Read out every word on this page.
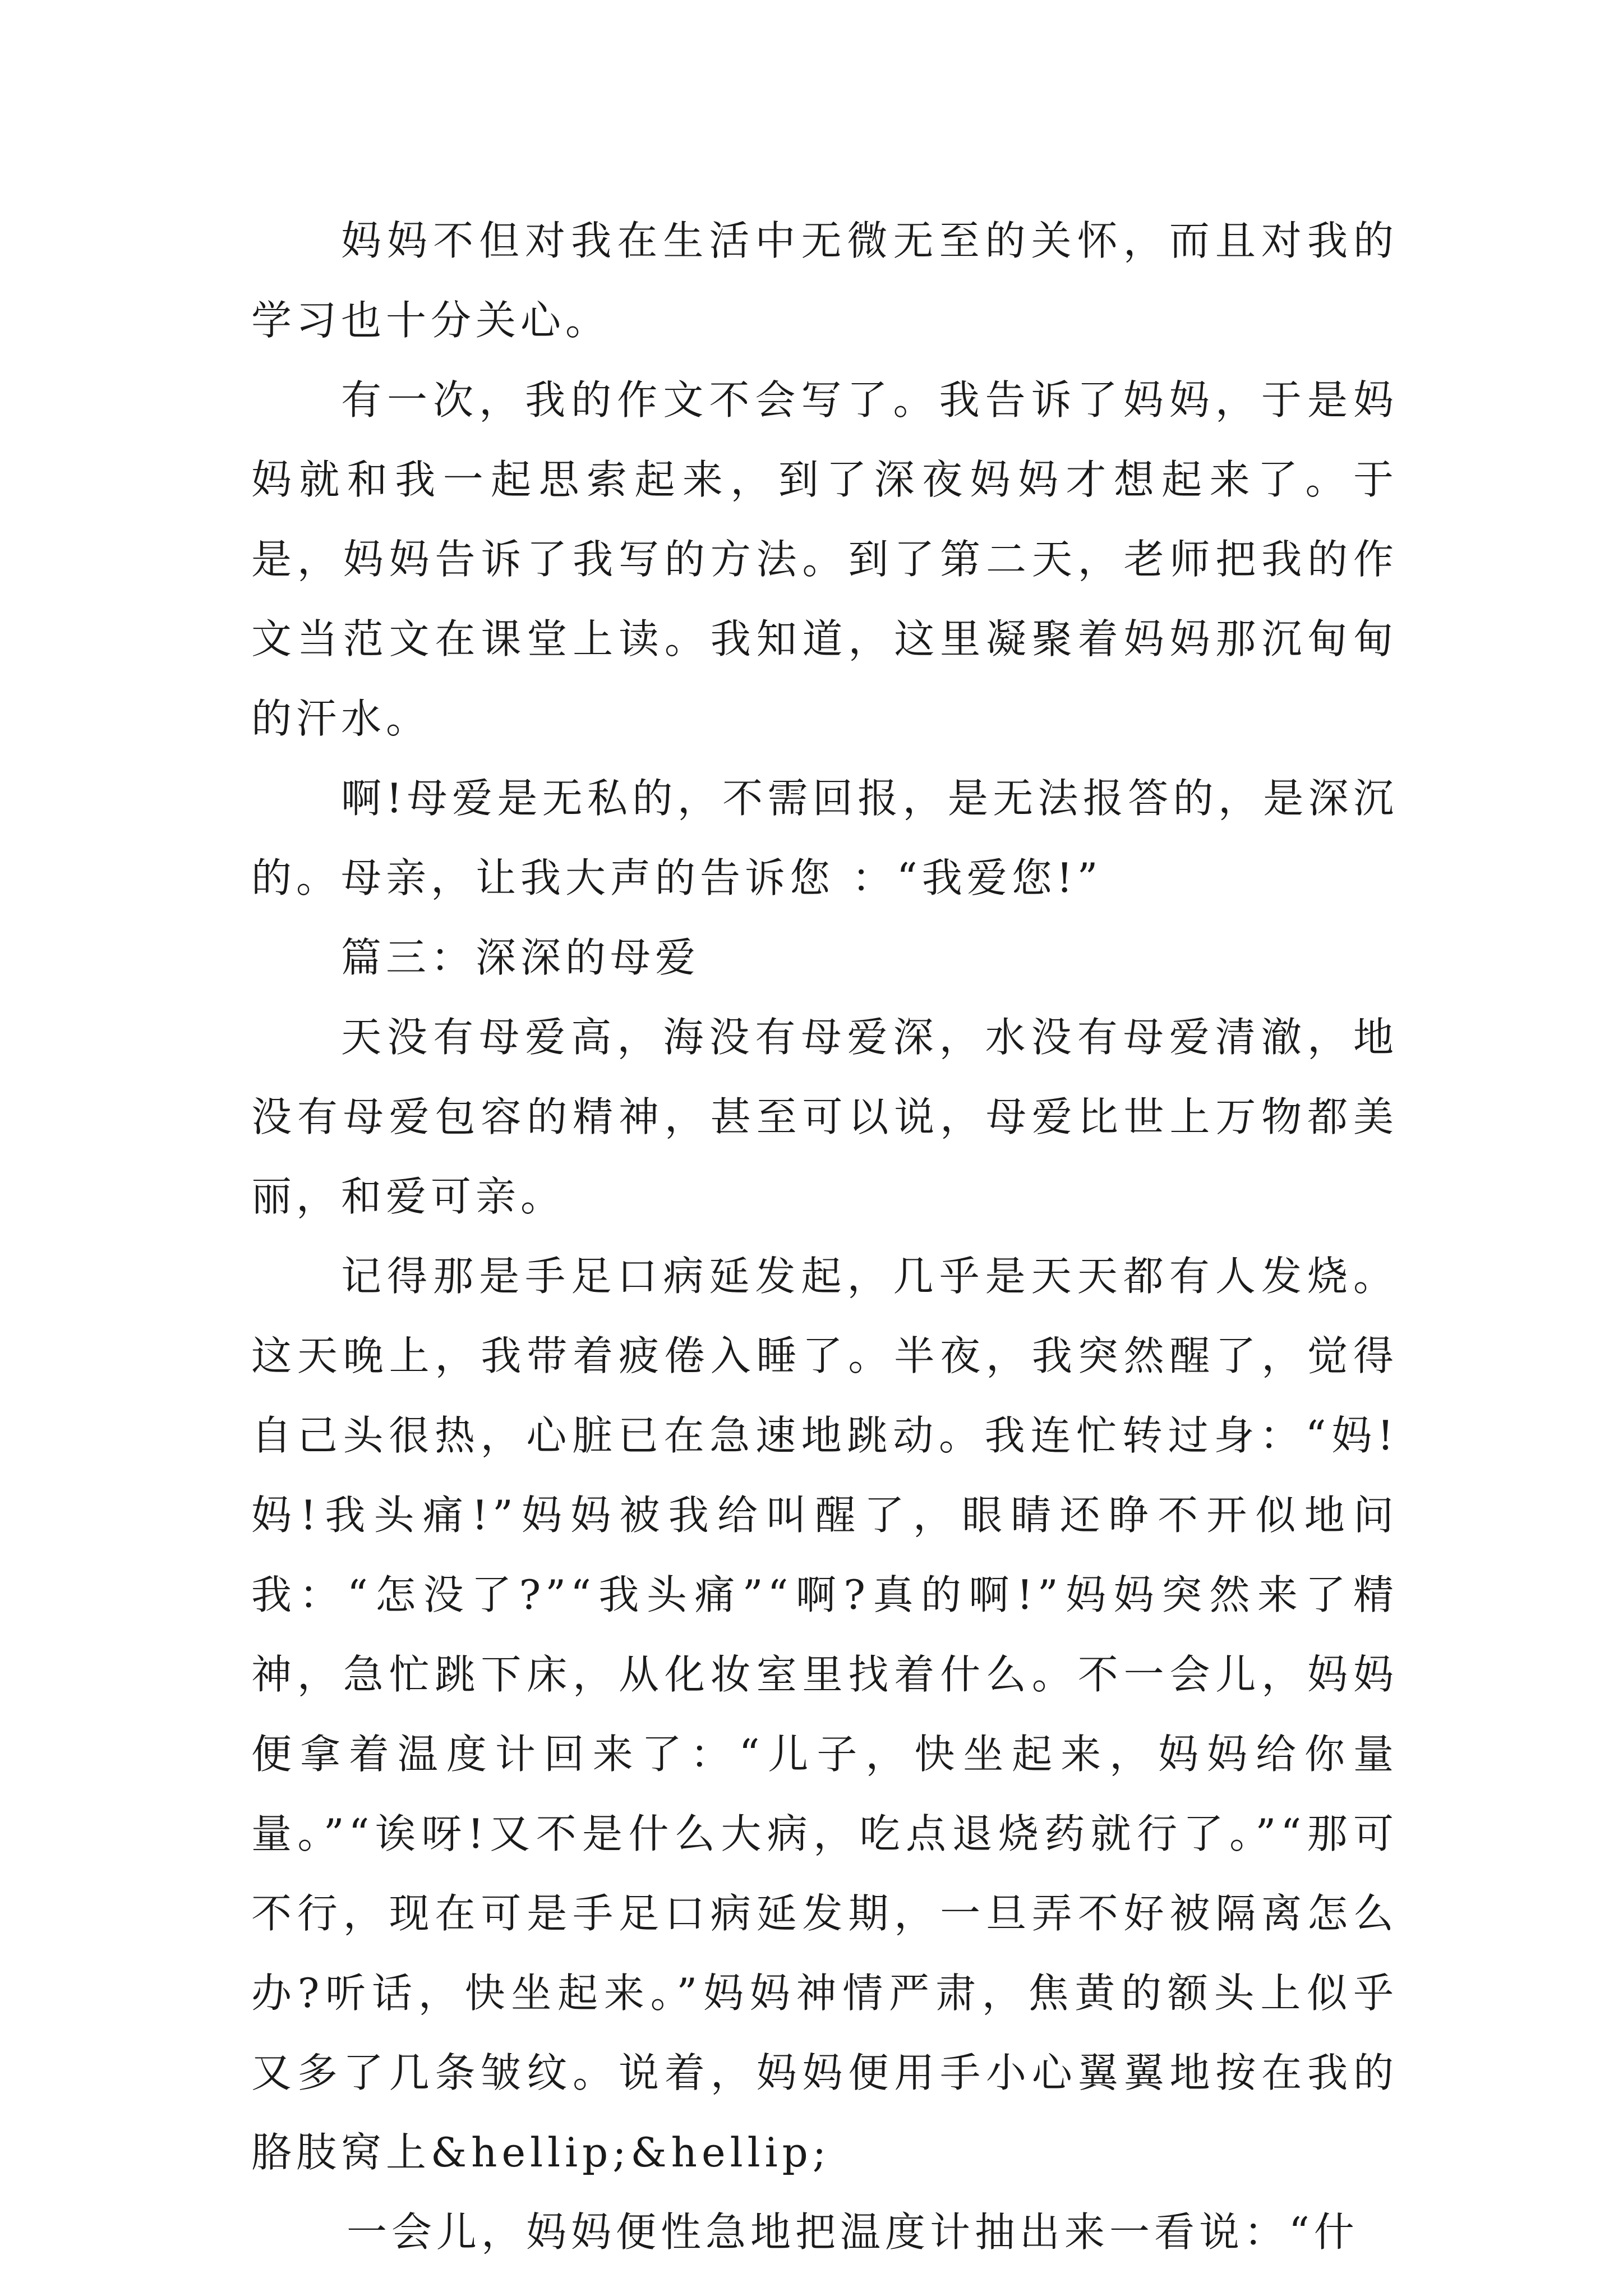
妈妈不但对我在生活中无微无至的关怀，而且对我的学习也十分关心。

有一次，我的作文不会写了。我告诉了妈妈，于是妈妈就和我一起思索起来，到了深夜妈妈才想起来了。于是，妈妈告诉了我写的方法。到了第二天，老师把我的作文当范文在课堂上读。我知道，这里凝聚着妈妈那沉甸甸的汗水。

啊!母爱是无私的，不需回报，是无法报答的，是深沉的。母亲，让我大声的告诉您 ：“我爱您!”

篇三：深深的母爱

天没有母爱高，海没有母爱深，水没有母爱清澈，地没有母爱包容的精神，甚至可以说，母爱比世上万物都美丽，和爱可亲。

记得那是手足口病延发起，几乎是天天都有人发烧。这天晚上，我带着疲倦入睡了。半夜，我突然醒了，觉得自己头很热，心脏已在急速地跳动。我连忙转过身：“妈!妈!我头痛!”妈妈被我给叫醒了，眼睛还睁不开似地问我：“怎没了?”“我头痛”“啊?真的啊!”妈妈突然来了精神，急忙跳下床，从化妆室里找着什么。不一会儿，妈妈便拿着温度计回来了：“儿子，快坐起来，妈妈给你量量。”“诶呀!又不是什么大病，吃点退烧药就行了。”“那可不行，现在可是手足口病延发期，一旦弄不好被隔离怎么办?听话，快坐起来。”妈妈神情严肃，焦黄的额头上似乎又多了几条皱纹。说着，妈妈便用手小心翼翼地按在我的胳肢窝上&hellip;&hellip;

一会儿，妈妈便性急地把温度计抽出来一看说：“什
